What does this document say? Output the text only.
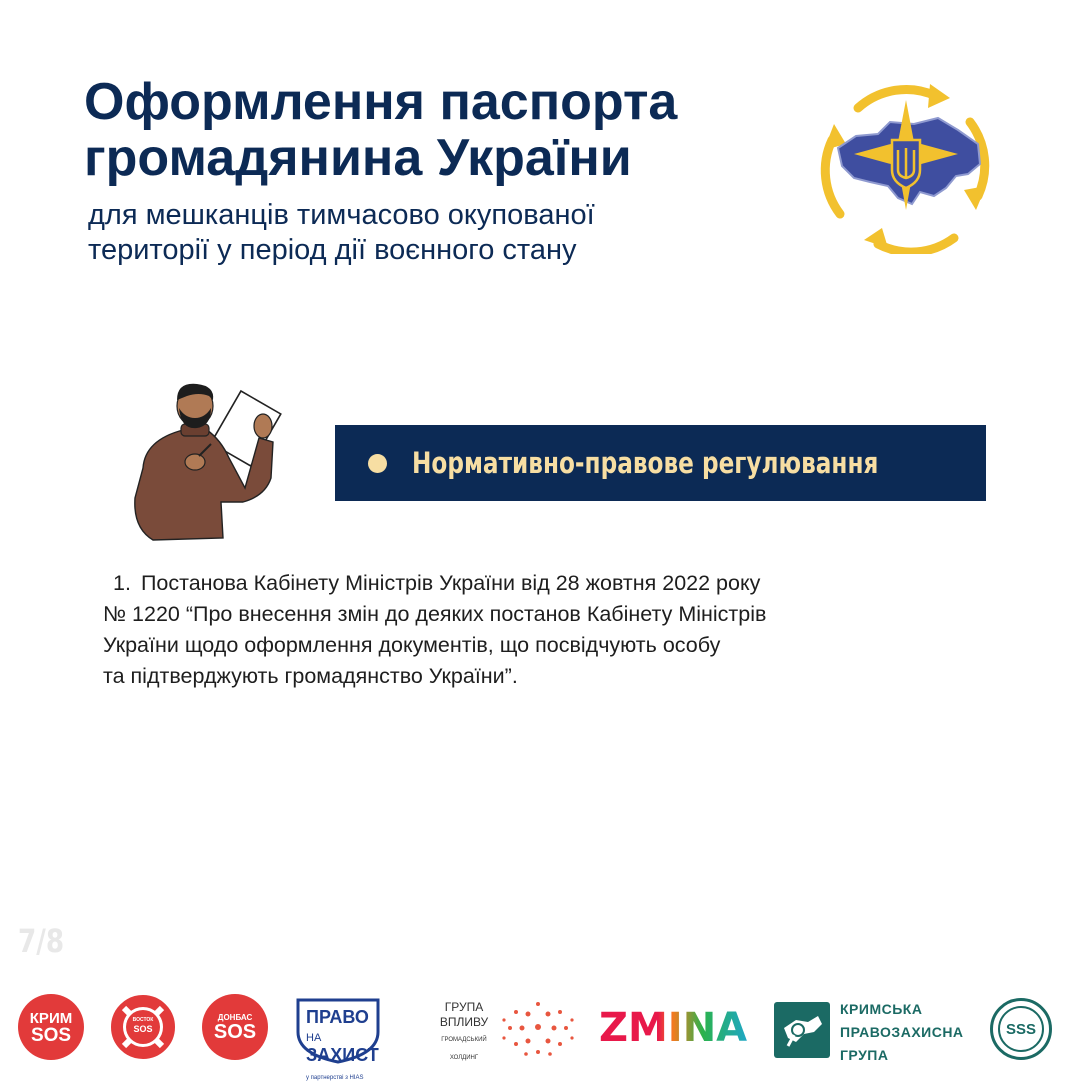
Оформлення паспорта
громадянина України

для мешканців тимчасово окупованої
території у період дії воєнного стану

Нормативно-правове регулювання

1. Постанова Кабінету Міністрів України від 28 жовтня 2022 року
№ 1220 “Про внесення змін до деяких постанов Кабінету Міністрів
України щодо оформлення документів, що посвідчують особу
та підтверджують громадянство України”.

7/8
КРИМ
SOS
ВОСТОК
SOS
ДОНБАС
SOS
ПРАВО НА
ЗАХИСТ
у партнерстві з HIAS
ГРУПА
ВПЛИВУ
ГРОМАДСЬКИЙ
ХОЛДИНГ
ZMINA	КРИМСЬКА
ПРАВОЗАХИСНА
ГРУПА
SSS
